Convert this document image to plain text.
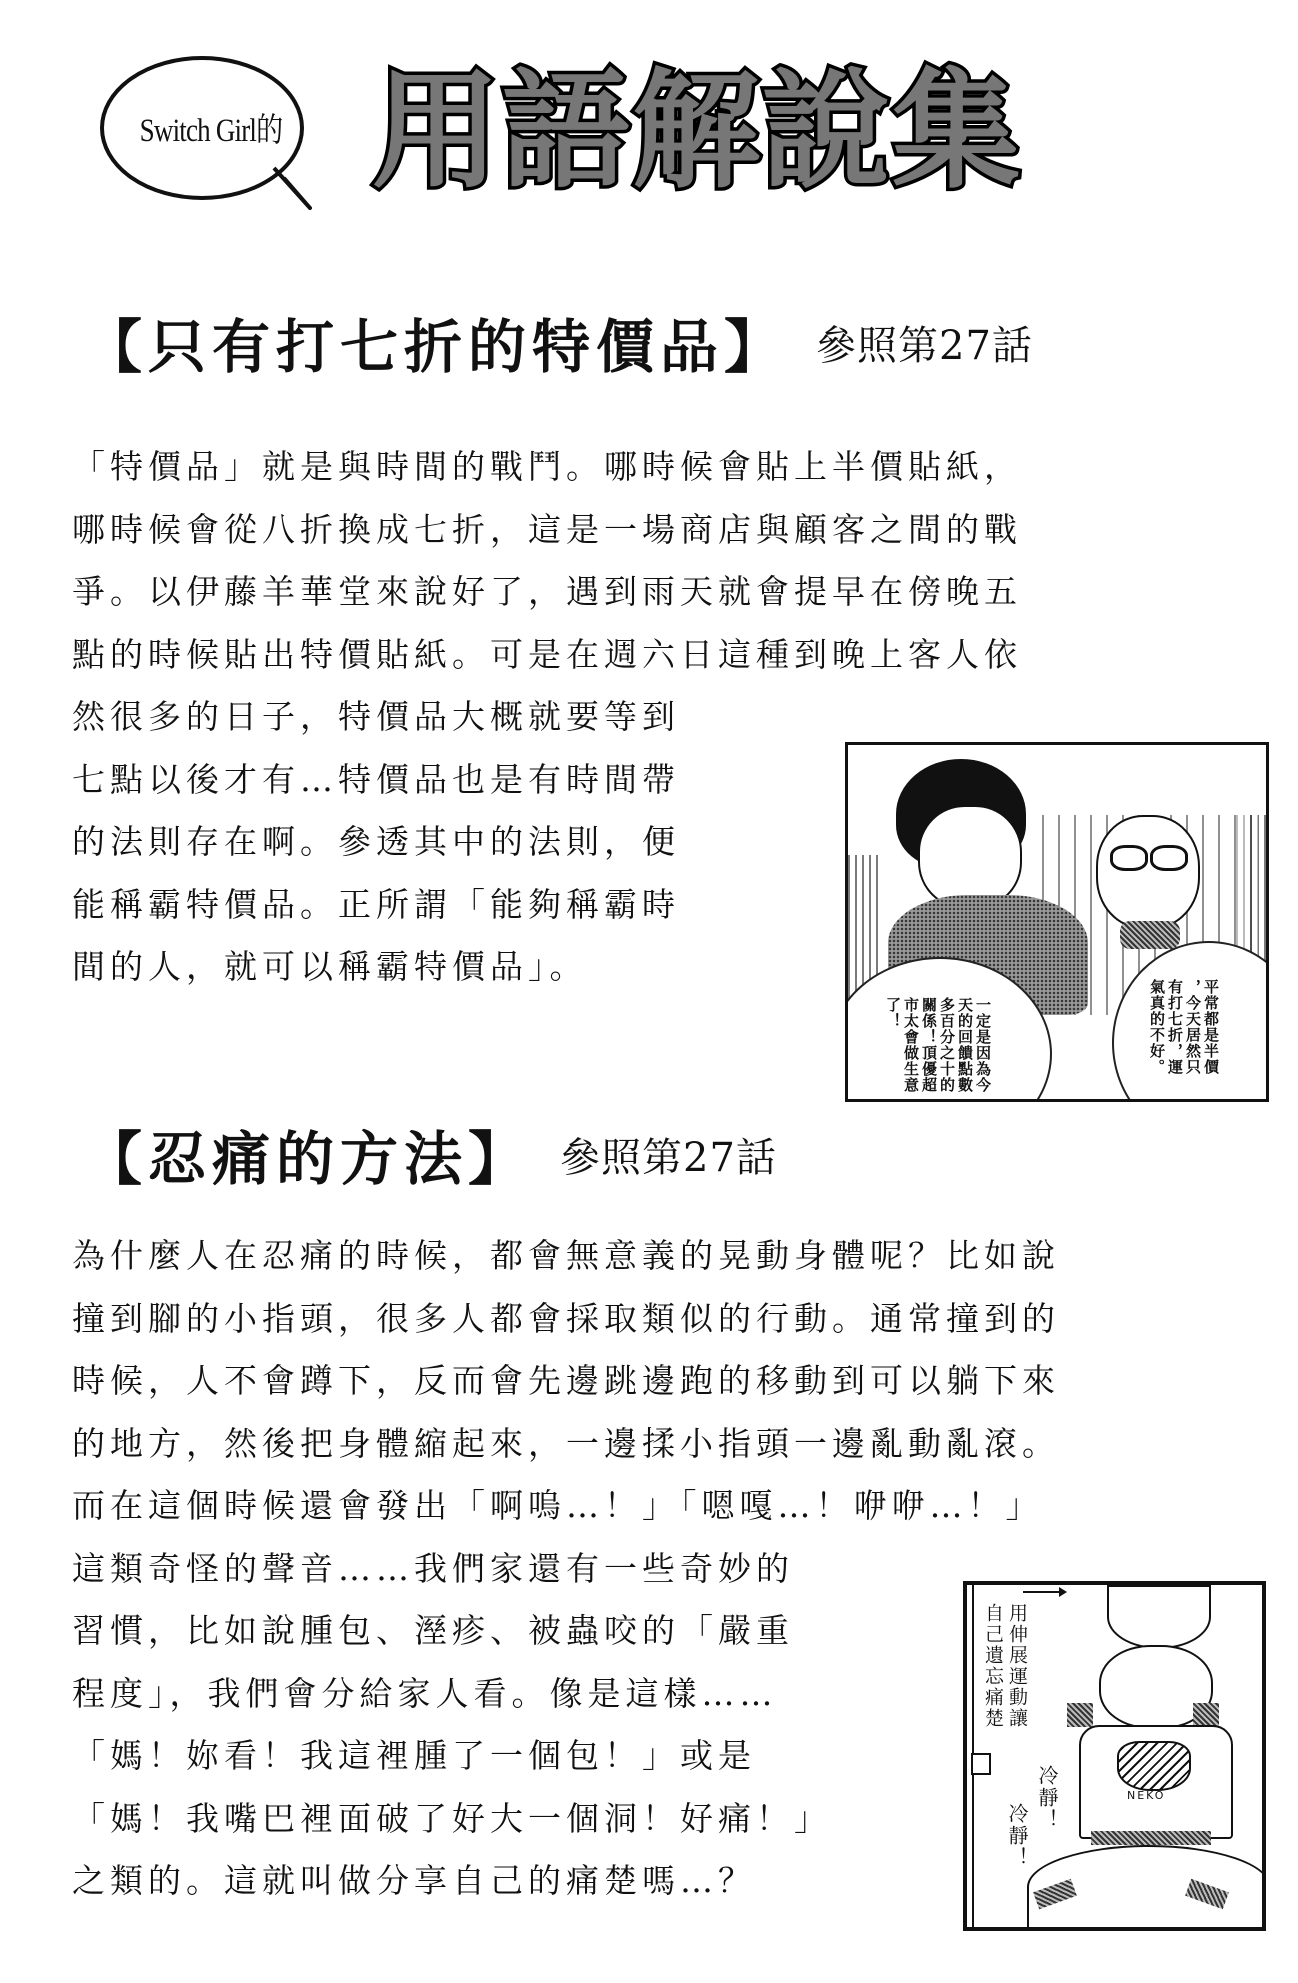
Switch Girl的 用語解說集
【只有打七折的特價品】 參照第27話
「特價品」就是與時間的戰鬥。哪時候會貼上半價貼紙，
哪時候會從八折換成七折，這是一場商店與顧客之間的戰
爭。以伊藤羊華堂來說好了，遇到雨天就會提早在傍晚五
點的時候貼出特價貼紙。可是在週六日這種到晚上客人依
然很多的日子，特價品大概就要等到
七點以後才有…特價品也是有時間帶
的法則存在啊。參透其中的法則，便
能稱霸特價品。正所謂「能夠稱霸時
間的人，就可以稱霸特價品」。
一定是因為今
天的回饋點數
多百分之十的
關係！頂優超
市太會做生意
了！	平常都是半價
，今天居然只
有打七折，運
氣真的不好。
【忍痛的方法】 參照第27話
為什麼人在忍痛的時候，都會無意義的晃動身體呢？比如說
撞到腳的小指頭，很多人都會採取類似的行動。通常撞到的
時候，人不會蹲下，反而會先邊跳邊跑的移動到可以躺下來
的地方，然後把身體縮起來，一邊揉小指頭一邊亂動亂滾。
而在這個時候還會發出「啊嗚…！」「嗯嘎…！咿咿…！」
這類奇怪的聲音……我們家還有一些奇妙的
習慣，比如說腫包、溼疹、被蟲咬的「嚴重
程度」，我們會分給家人看。像是這樣……
「媽！妳看！我這裡腫了一個包！」或是
「媽！我嘴巴裡面破了好大一個洞！好痛！」
之類的。這就叫做分享自己的痛楚嗎…？
用伸展運動讓
自己遺忘痛楚
NEKO
冷靜！
冷靜！
